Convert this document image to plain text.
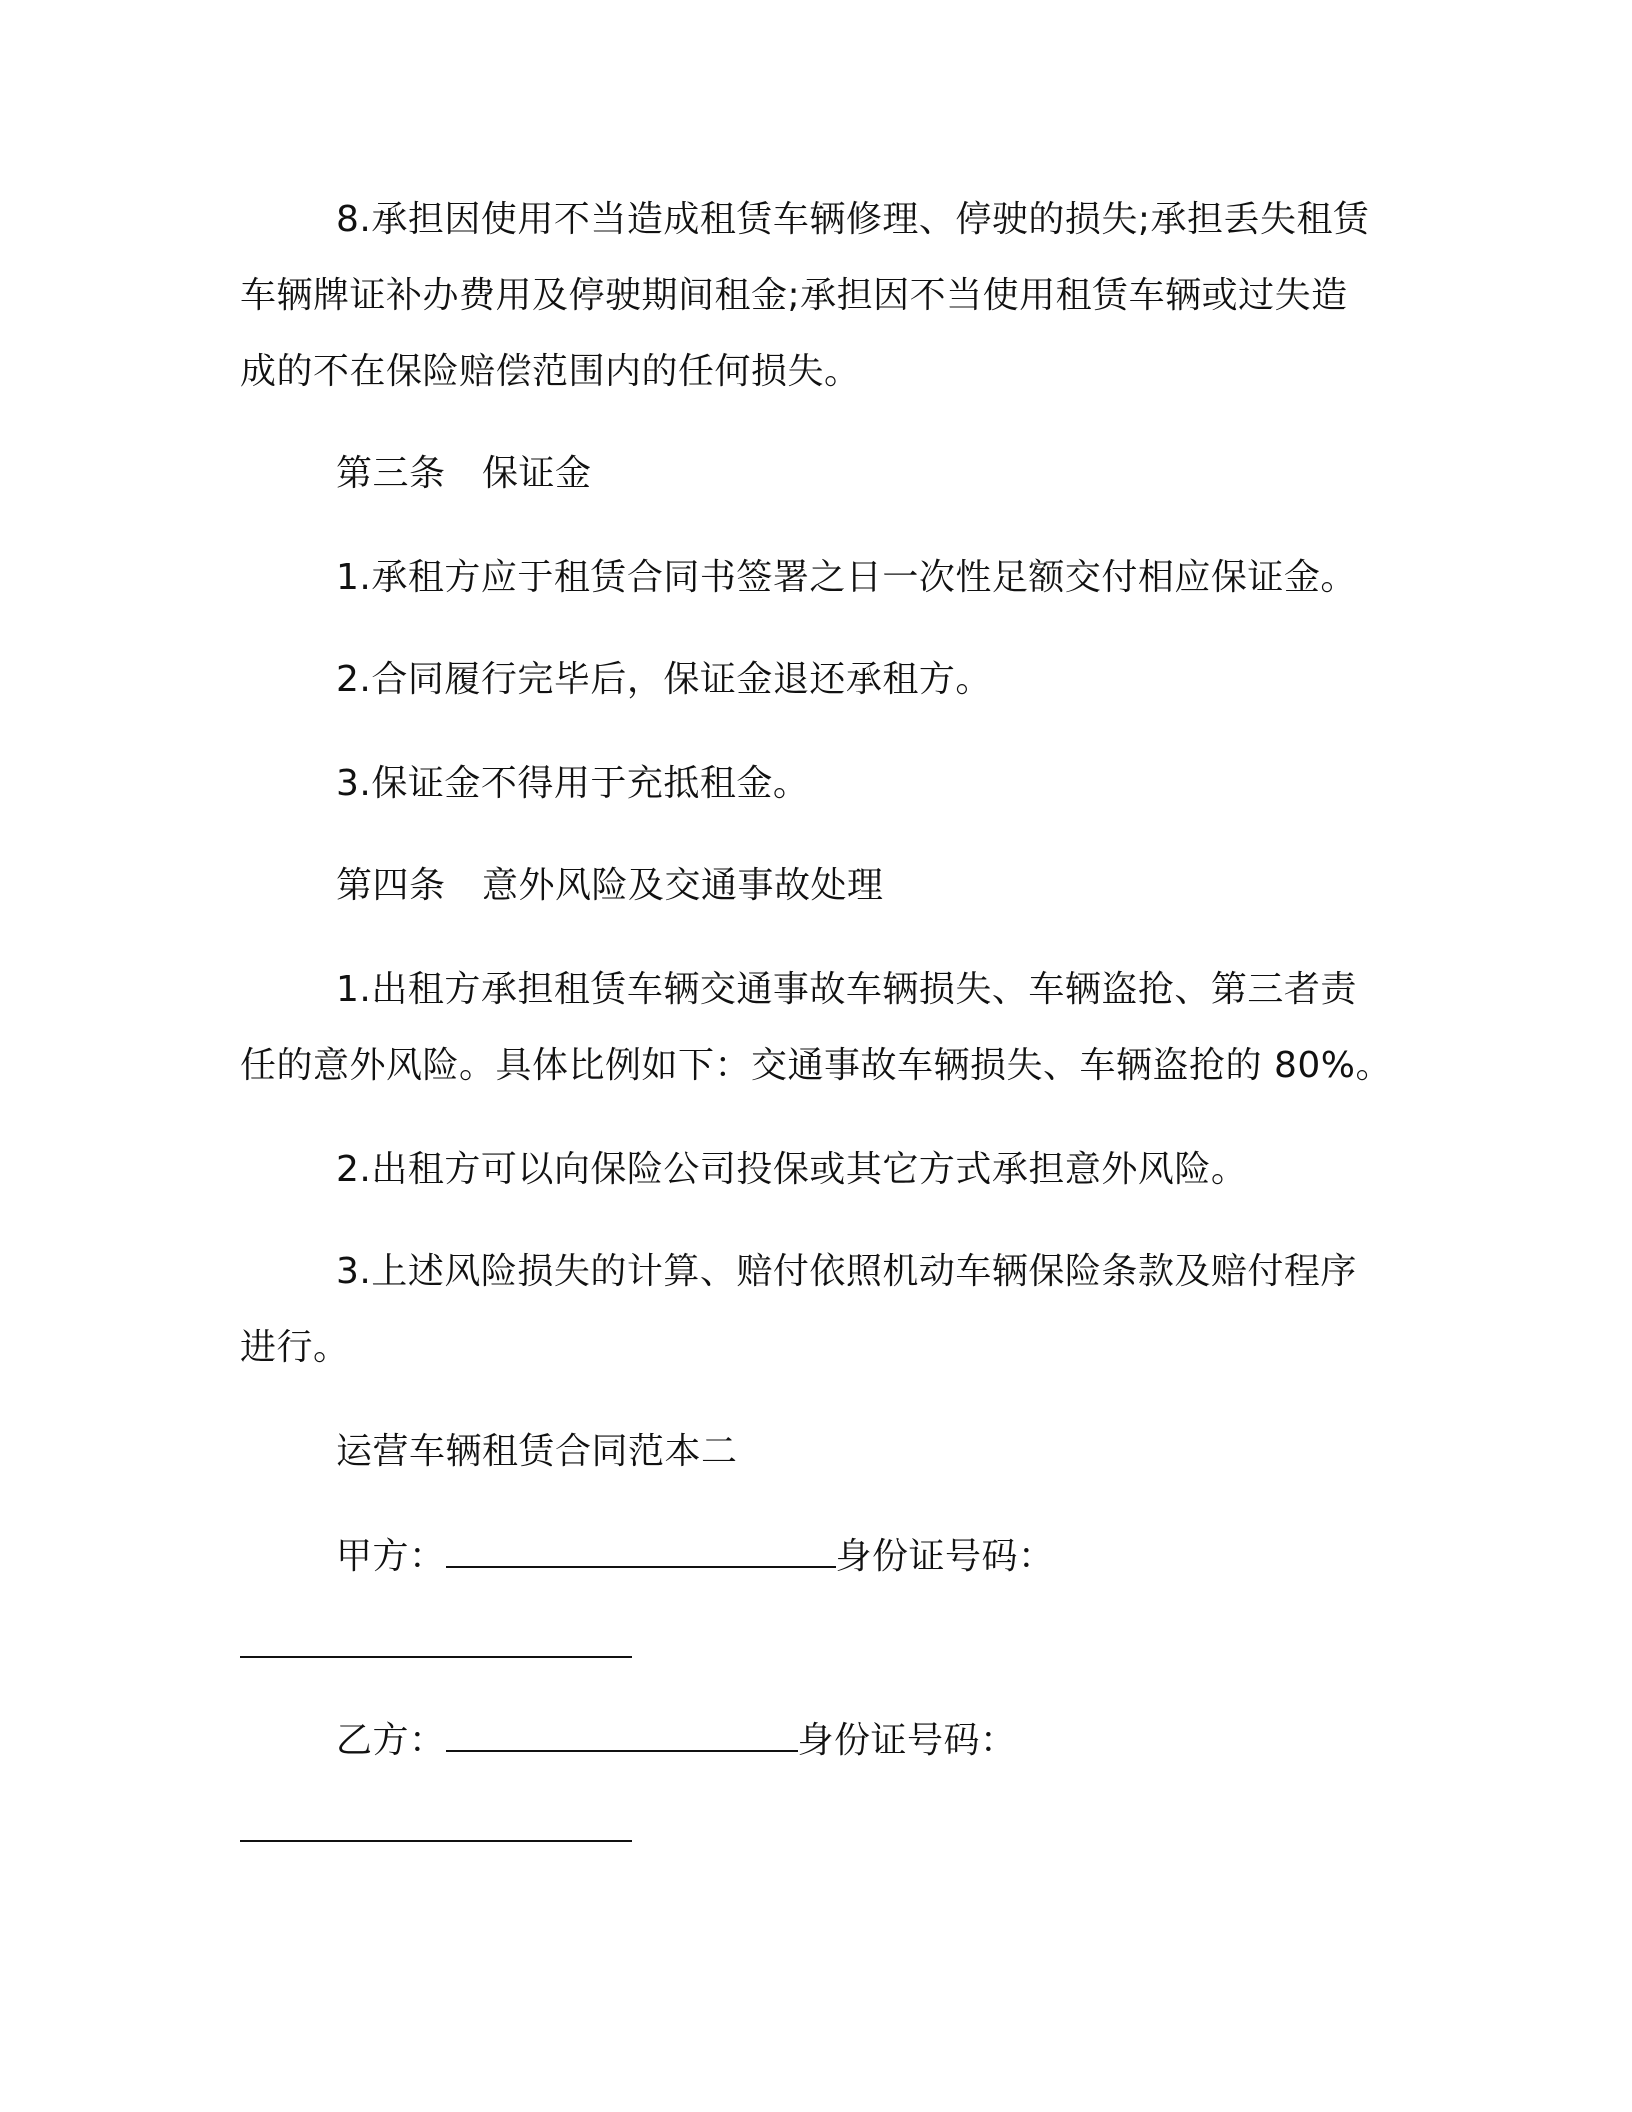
8.承担因使用不当造成租赁车辆修理、停驶的损失;承担丢失租赁
车辆牌证补办费用及停驶期间租金;承担因不当使用租赁车辆或过失造
成的不在保险赔偿范围内的任何损失。
第三条　保证金
1.承租方应于租赁合同书签署之日一次性足额交付相应保证金。
2.合同履行完毕后，保证金退还承租方。
3.保证金不得用于充抵租金。
第四条　意外风险及交通事故处理
1.出租方承担租赁车辆交通事故车辆损失、车辆盗抢、第三者责
任的意外风险。具体比例如下：交通事故车辆损失、车辆盗抢的 80%。
2.出租方可以向保险公司投保或其它方式承担意外风险。
3.上述风险损失的计算、赔付依照机动车辆保险条款及赔付程序
进行。
运营车辆租赁合同范本二
甲方：	身份证号码：
乙方：	身份证号码：
